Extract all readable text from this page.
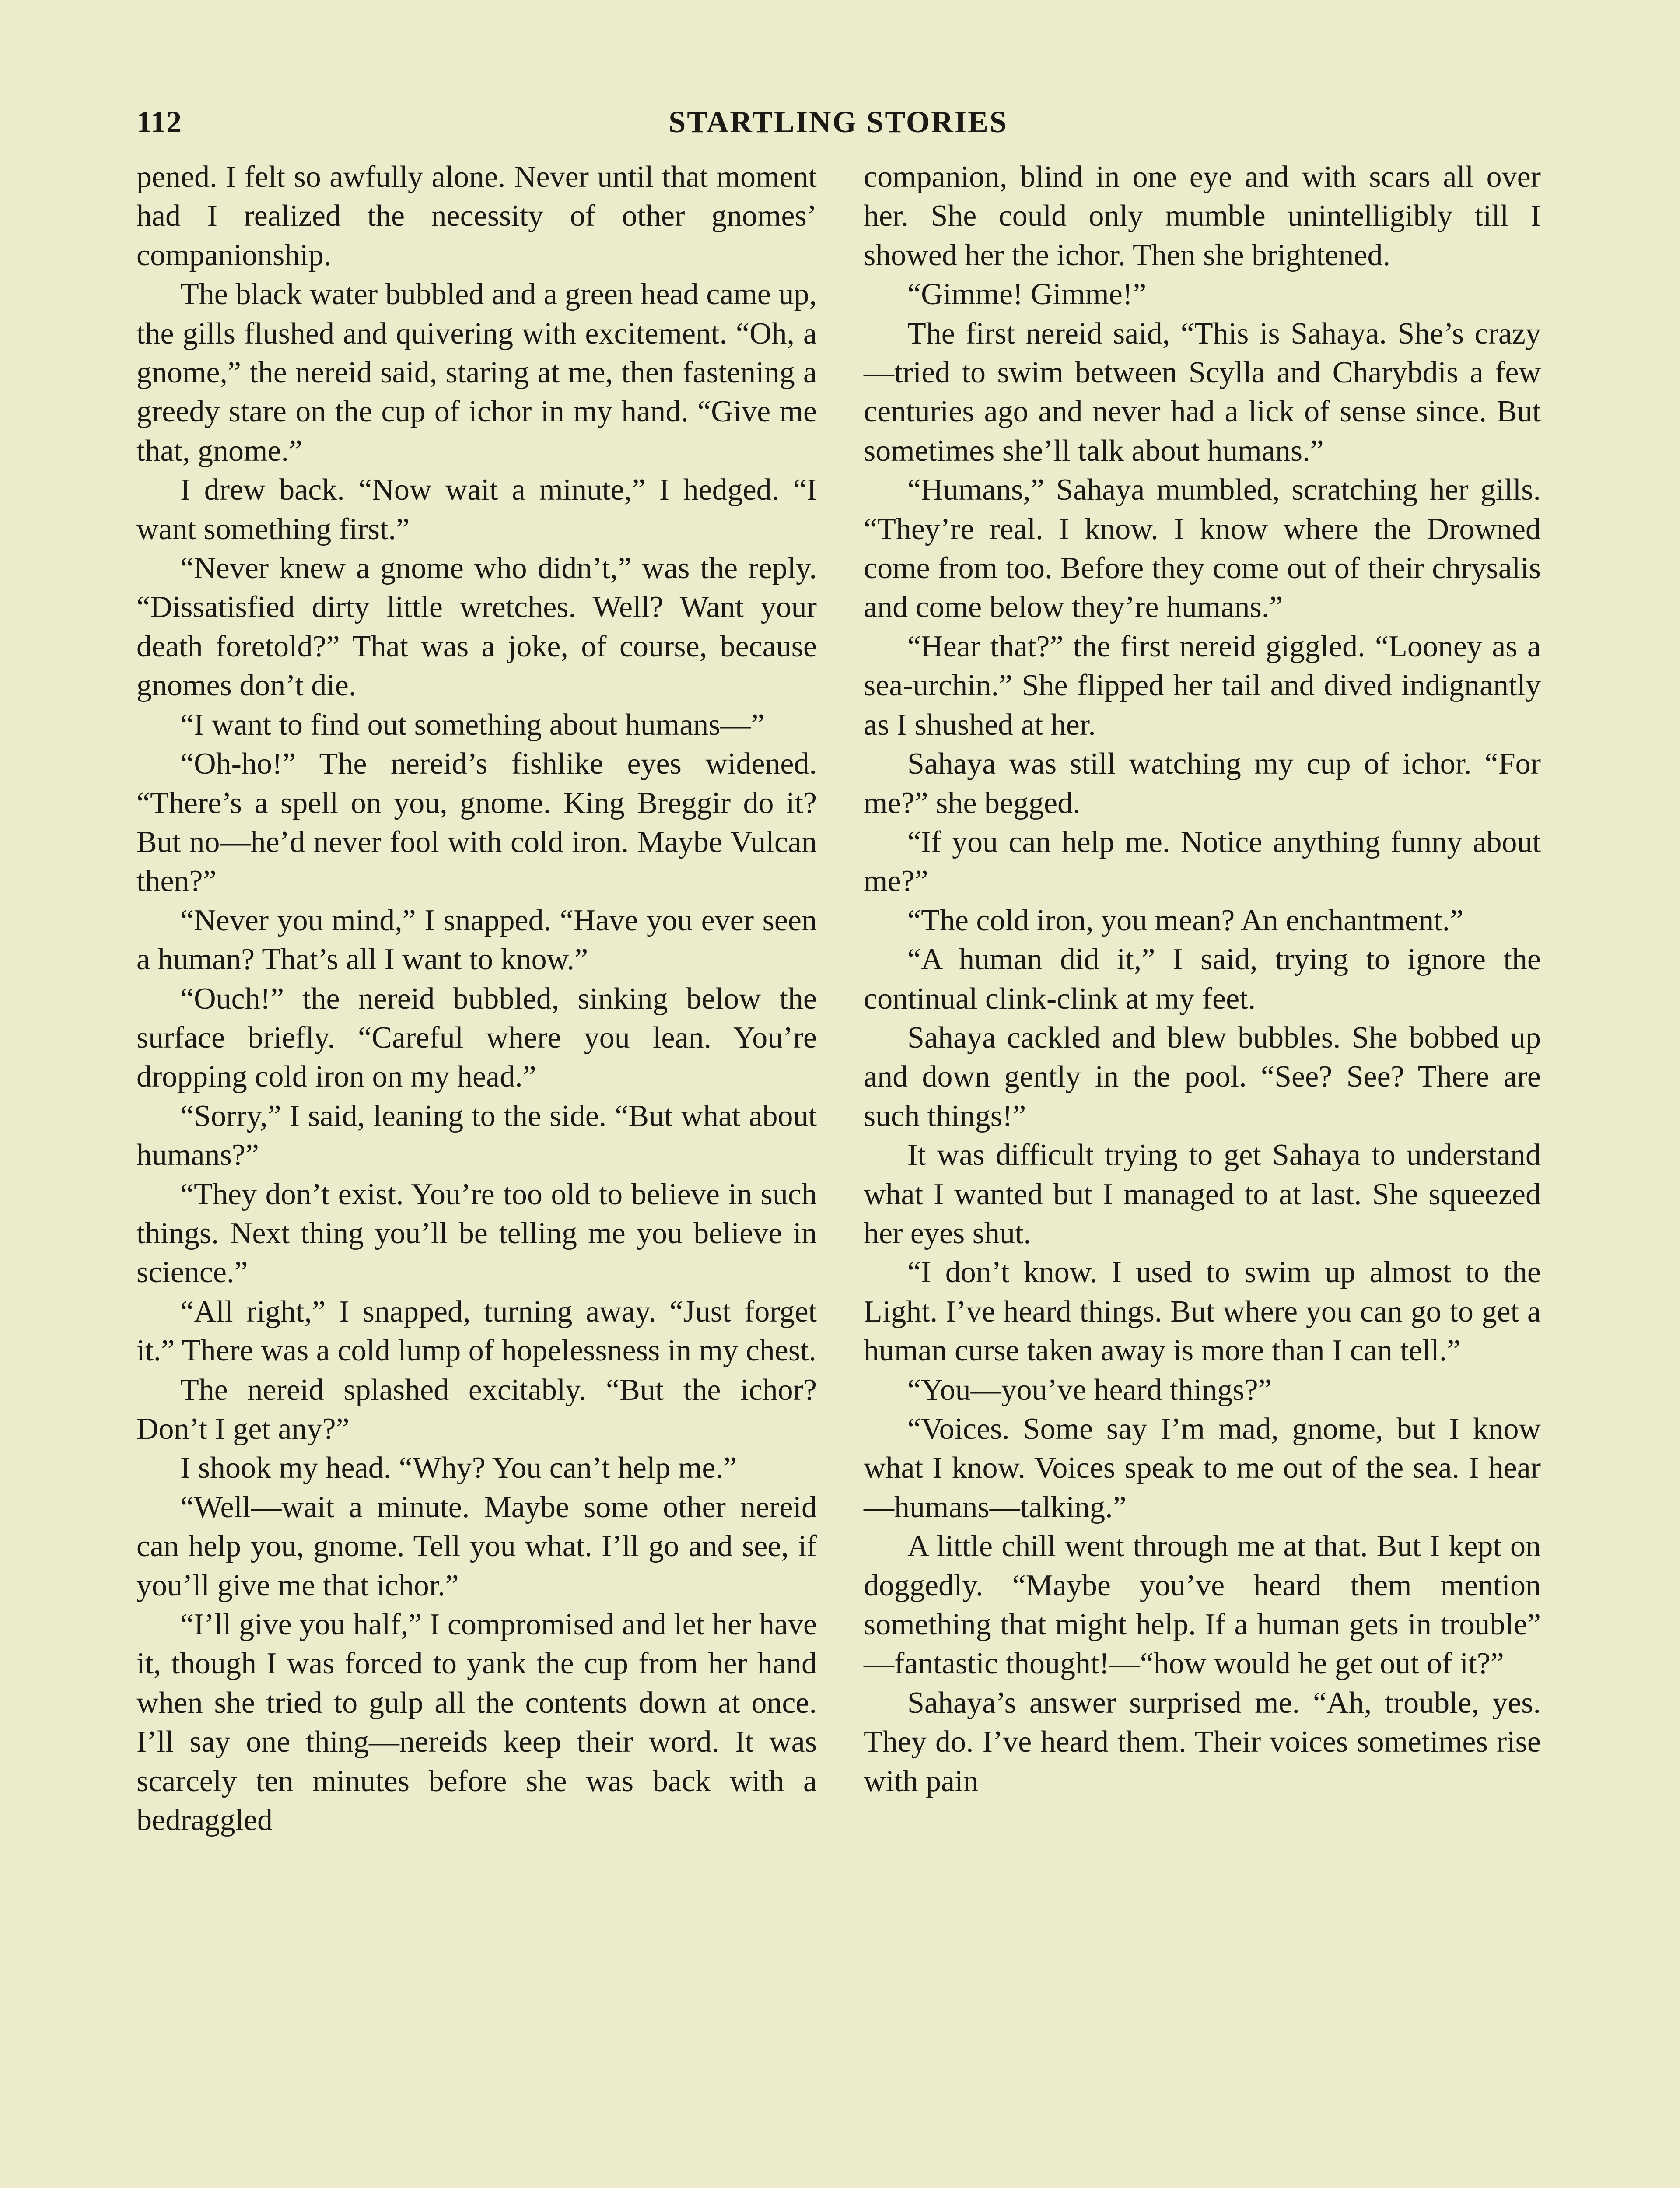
112	STARTLING STORIES

pened. I felt so awfully alone. Never until that moment had I realized the necessity of other gnomes’ companionship.

The black water bubbled and a green head came up, the gills flushed and quivering with excitement. “Oh, a gnome,” the nereid said, staring at me, then fastening a greedy stare on the cup of ichor in my hand. “Give me that, gnome.”

I drew back. “Now wait a minute,” I hedged. “I want something first.”

“Never knew a gnome who didn’t,” was the reply. “Dissatisfied dirty little wretches. Well? Want your death foretold?” That was a joke, of course, because gnomes don’t die.

“I want to find out something about humans—”

“Oh-ho!” The nereid’s fishlike eyes widened. “There’s a spell on you, gnome. King Breggir do it? But no—he’d never fool with cold iron. Maybe Vulcan then?”

“Never you mind,” I snapped. “Have you ever seen a human? That’s all I want to know.”

“Ouch!” the nereid bubbled, sinking below the surface briefly. “Careful where you lean. You’re dropping cold iron on my head.”

“Sorry,” I said, leaning to the side. “But what about humans?”

“They don’t exist. You’re too old to believe in such things. Next thing you’ll be telling me you believe in science.”

“All right,” I snapped, turning away. “Just forget it.” There was a cold lump of hopelessness in my chest.

The nereid splashed excitably. “But the ichor? Don’t I get any?”

I shook my head. “Why? You can’t help me.”

“Well—wait a minute. Maybe some other nereid can help you, gnome. Tell you what. I’ll go and see, if you’ll give me that ichor.”

“I’ll give you half,” I compromised and let her have it, though I was forced to yank the cup from her hand when she tried to gulp all the contents down at once. I’ll say one thing—nereids keep their word. It was scarcely ten minutes before she was back with a bedraggled

companion, blind in one eye and with scars all over her. She could only mumble unintelligibly till I showed her the ichor. Then she brightened.

“Gimme! Gimme!”

The first nereid said, “This is Sahaya. She’s crazy—tried to swim between Scylla and Charybdis a few centuries ago and never had a lick of sense since. But sometimes she’ll talk about humans.”

“Humans,” Sahaya mumbled, scratching her gills. “They’re real. I know. I know where the Drowned come from too. Before they come out of their chrysalis and come below they’re humans.”

“Hear that?” the first nereid giggled. “Looney as a sea-urchin.” She flipped her tail and dived indignantly as I shushed at her.

Sahaya was still watching my cup of ichor. “For me?” she begged.

“If you can help me. Notice anything funny about me?”

“The cold iron, you mean? An enchantment.”

“A human did it,” I said, trying to ignore the continual clink-clink at my feet.

Sahaya cackled and blew bubbles. She bobbed up and down gently in the pool. “See? See? There are such things!”

It was difficult trying to get Sahaya to understand what I wanted but I managed to at last. She squeezed her eyes shut.

“I don’t know. I used to swim up almost to the Light. I’ve heard things. But where you can go to get a human curse taken away is more than I can tell.”

“You—you’ve heard things?”

“Voices. Some say I’m mad, gnome, but I know what I know. Voices speak to me out of the sea. I hear—humans—talking.”

A little chill went through me at that. But I kept on doggedly. “Maybe you’ve heard them mention something that might help. If a human gets in trouble” —fantastic thought!—“how would he get out of it?”

Sahaya’s answer surprised me. “Ah, trouble, yes. They do. I’ve heard them. Their voices sometimes rise with pain
